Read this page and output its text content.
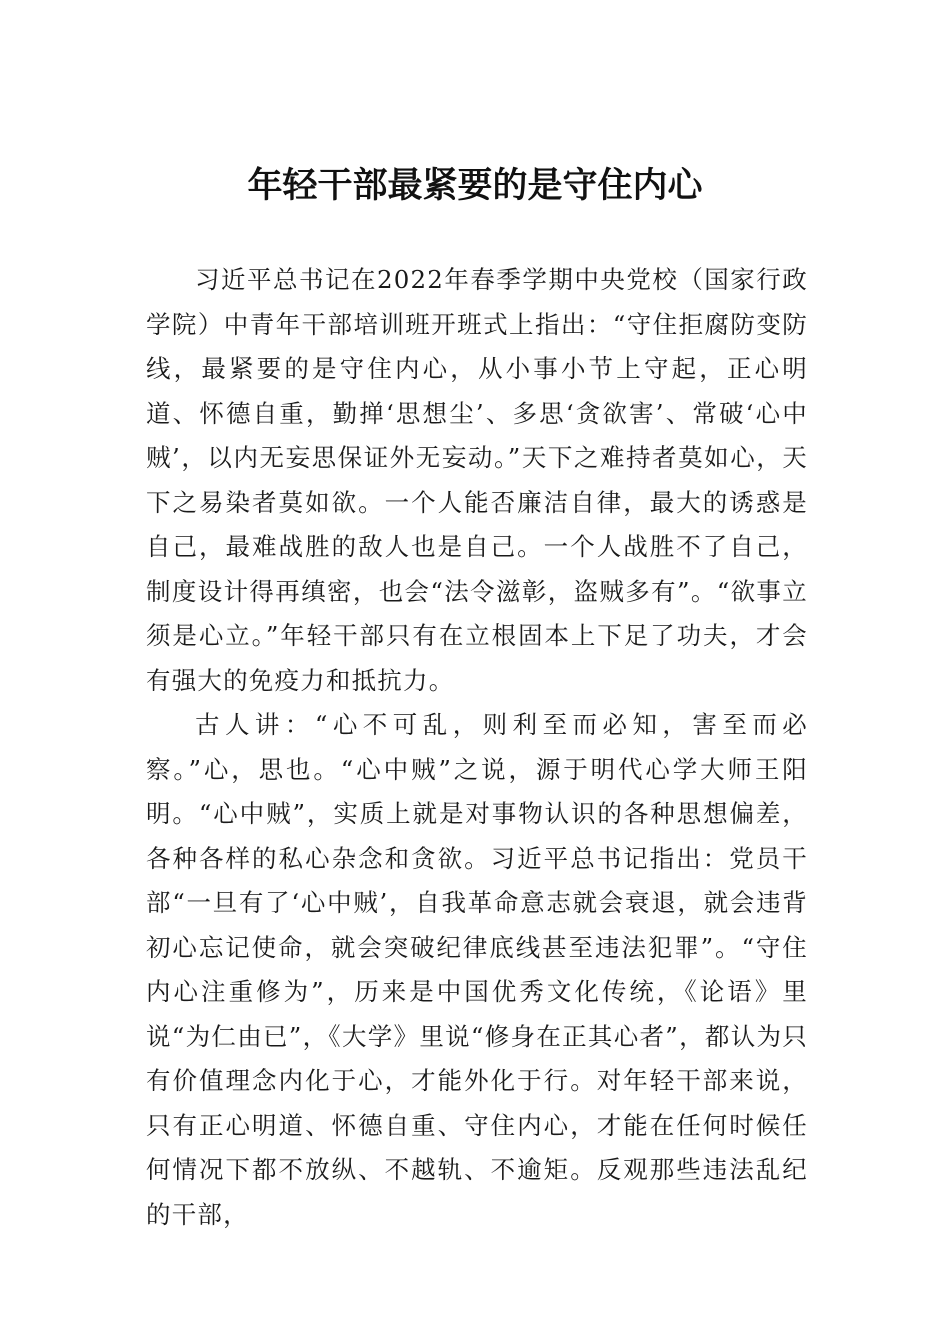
年轻干部最紧要的是守住内心

习近平总书记在2022年春季学期中央党校（国家行政学院）中青年干部培训班开班式上指出：“守住拒腐防变防线，最紧要的是守住内心，从小事小节上守起，正心明道、怀德自重，勤掸‘思想尘’、多思‘贪欲害’、常破‘心中贼’，以内无妄思保证外无妄动。”天下之难持者莫如心，天下之易染者莫如欲。一个人能否廉洁自律，最大的诱惑是自己，最难战胜的敌人也是自己。一个人战胜不了自己，制度设计得再缜密，也会“法令滋彰，盗贼多有”。“欲事立须是心立。”年轻干部只有在立根固本上下足了功夫，才会有强大的免疫力和抵抗力。

古人讲：“心不可乱，则利至而必知，害至而必察。”心，思也。“心中贼”之说，源于明代心学大师王阳明。“心中贼”，实质上就是对事物认识的各种思想偏差，各种各样的私心杂念和贪欲。习近平总书记指出：党员干部“一旦有了‘心中贼’，自我革命意志就会衰退，就会违背初心忘记使命，就会突破纪律底线甚至违法犯罪”。“守住内心注重修为”，历来是中国优秀文化传统，《论语》里说“为仁由已”，《大学》里说“修身在正其心者”，都认为只有价值理念内化于心，才能外化于行。对年轻干部来说，只有正心明道、怀德自重、守住内心，才能在任何时候任何情况下都不放纵、不越轨、不逾矩。反观那些违法乱纪的干部，
